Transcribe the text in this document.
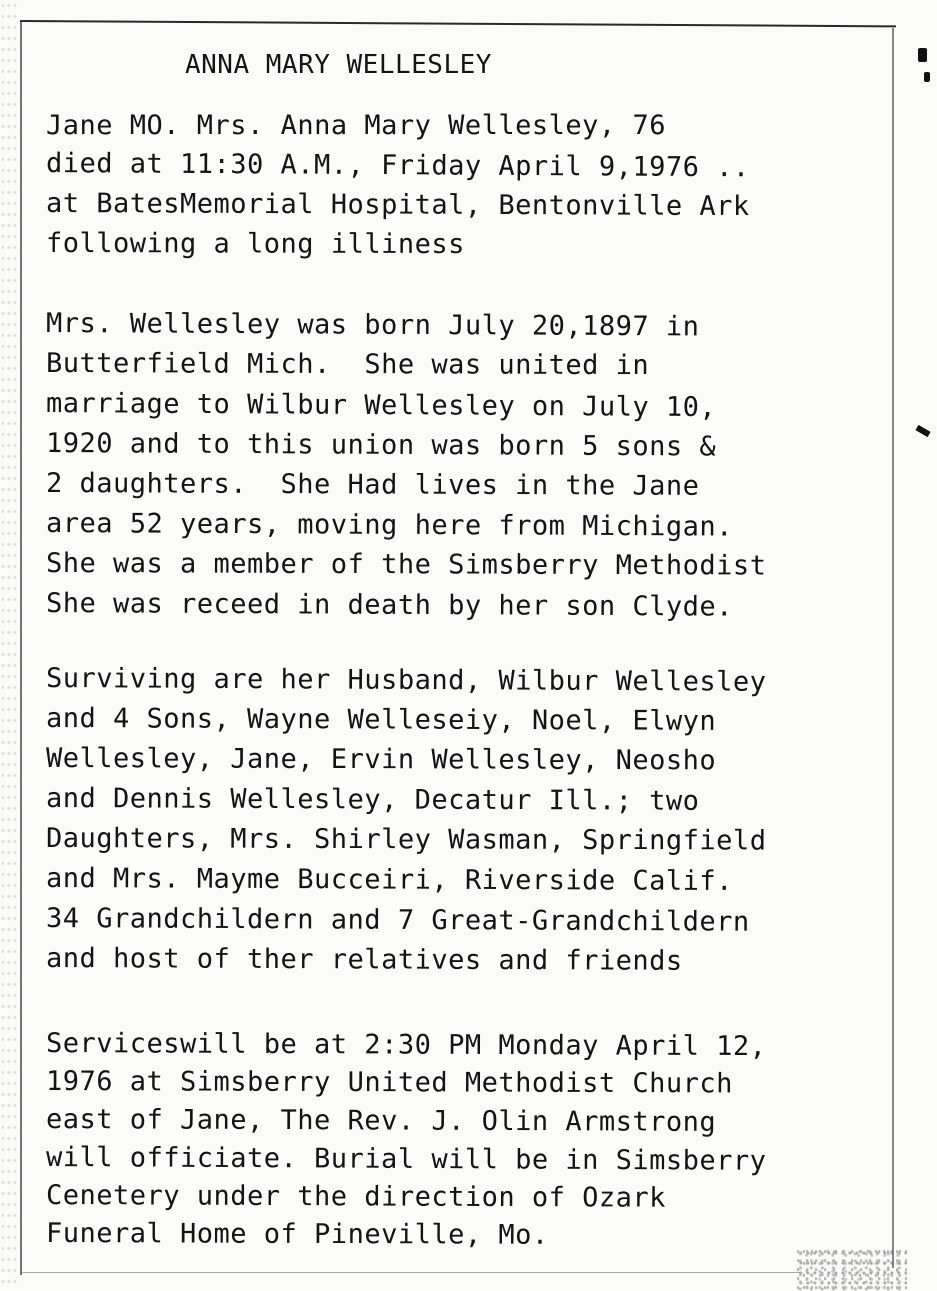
ANNA MARY WELLESLEY
Jane MO. Mrs. Anna Mary Wellesley, 76
died at 11:30 A.M., Friday April 9,1976 ..
at BatesMemorial Hospital, Bentonville Ark
following a long illiness
Mrs. Wellesley was born July 20,1897 in
Butterfield Mich.  She was united in
marriage to Wilbur Wellesley on July 10,
1920 and to this union was born 5 sons &
2 daughters.  She Had lives in the Jane
area 52 years, moving here from Michigan.
She was a member of the Simsberry Methodist
She was receed in death by her son Clyde.
Surviving are her Husband, Wilbur Wellesley
and 4 Sons, Wayne Welleseiy, Noel, Elwyn
Wellesley, Jane, Ervin Wellesley, Neosho
and Dennis Wellesley, Decatur Ill.; two
Daughters, Mrs. Shirley Wasman, Springfield
and Mrs. Mayme Bucceiri, Riverside Calif.
34 Grandchildern and 7 Great-Grandchildern
and host of ther relatives and friends
Serviceswill be at 2:30 PM Monday April 12,
1976 at Simsberry United Methodist Church
east of Jane, The Rev. J. Olin Armstrong
will officiate. Burial will be in Simsberry
Cenetery under the direction of Ozark
Funeral Home of Pineville, Mo.
